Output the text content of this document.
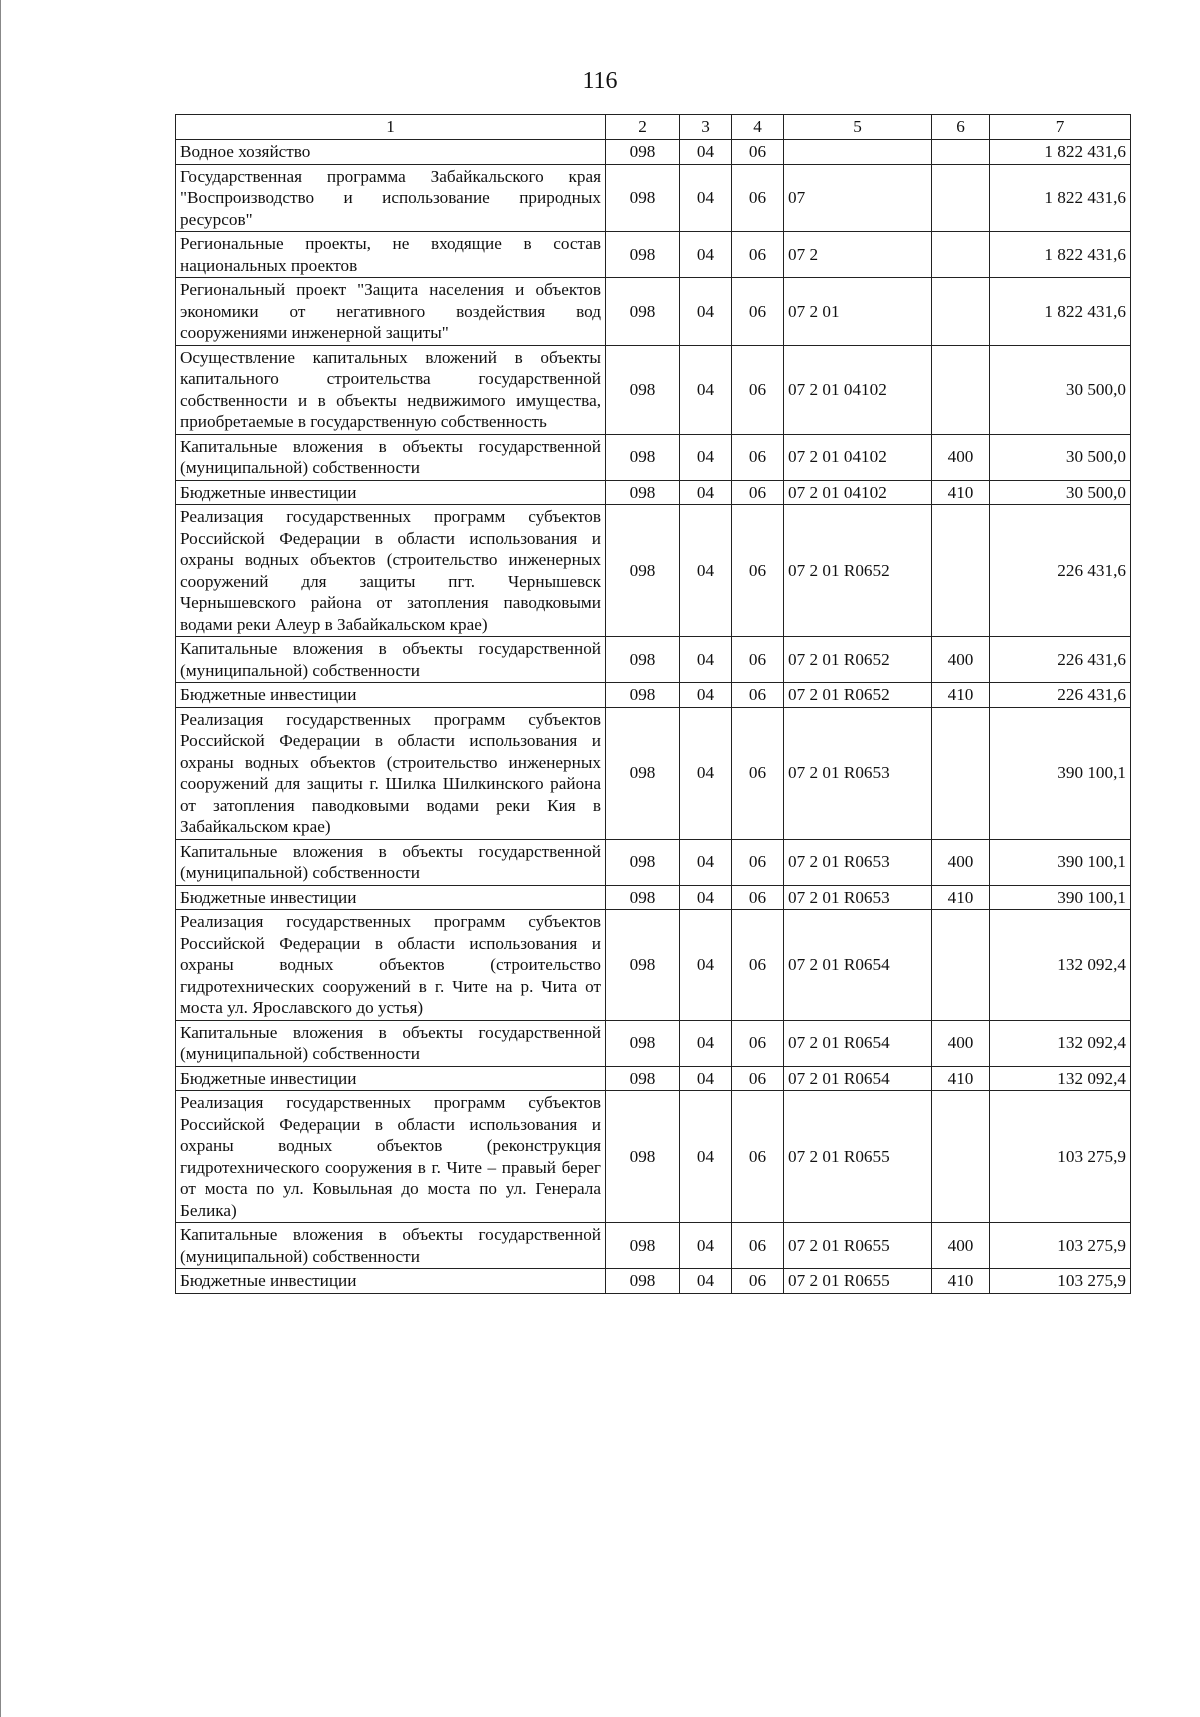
116
1	2	3	4	5	6	7
Водное хозяйство	098	04	06			1 822 431,6
Государственная программа Забайкальского края "Воспроизводство и использование природных ресурсов"	098	04	06	07		1 822 431,6
Региональные проекты, не входящие в состав национальных проектов	098	04	06	07 2		1 822 431,6
Региональный проект "Защита населения и объектов экономики от негативного воздействия вод сооружениями инженерной защиты"	098	04	06	07 2 01		1 822 431,6
Осуществление капитальных вложений в объекты капитального строительства государственной собственности и в объекты недвижимого имущества, приобретаемые в государственную собственность	098	04	06	07 2 01 04102		30 500,0
Капитальные вложения в объекты государственной (муниципальной) собственности	098	04	06	07 2 01 04102	400	30 500,0
Бюджетные инвестиции	098	04	06	07 2 01 04102	410	30 500,0
Реализация государственных программ субъектов Российской Федерации в области использования и охраны водных объектов (строительство инженерных сооружений для защиты пгт. Чернышевск Чернышевского района от затопления паводковыми водами реки Алеур в Забайкальском крае)	098	04	06	07 2 01 R0652		226 431,6
Капитальные вложения в объекты государственной (муниципальной) собственности	098	04	06	07 2 01 R0652	400	226 431,6
Бюджетные инвестиции	098	04	06	07 2 01 R0652	410	226 431,6
Реализация государственных программ субъектов Российской Федерации в области использования и охраны водных объектов (строительство инженерных сооружений для защиты г. Шилка Шилкинского района от затопления паводковыми водами реки Кия в Забайкальском крае)	098	04	06	07 2 01 R0653		390 100,1
Капитальные вложения в объекты государственной (муниципальной) собственности	098	04	06	07 2 01 R0653	400	390 100,1
Бюджетные инвестиции	098	04	06	07 2 01 R0653	410	390 100,1
Реализация государственных программ субъектов Российской Федерации в области использования и охраны водных объектов (строительство гидротехнических сооружений в г. Чите на р. Чита от моста ул. Ярославского до устья)	098	04	06	07 2 01 R0654		132 092,4
Капитальные вложения в объекты государственной (муниципальной) собственности	098	04	06	07 2 01 R0654	400	132 092,4
Бюджетные инвестиции	098	04	06	07 2 01 R0654	410	132 092,4
Реализация государственных программ субъектов Российской Федерации в области использования и охраны водных объектов (реконструкция гидротехнического сооружения в г. Чите – правый берег от моста по ул. Ковыльная до моста по ул. Генерала Белика)	098	04	06	07 2 01 R0655		103 275,9
Капитальные вложения в объекты государственной (муниципальной) собственности	098	04	06	07 2 01 R0655	400	103 275,9
Бюджетные инвестиции	098	04	06	07 2 01 R0655	410	103 275,9
